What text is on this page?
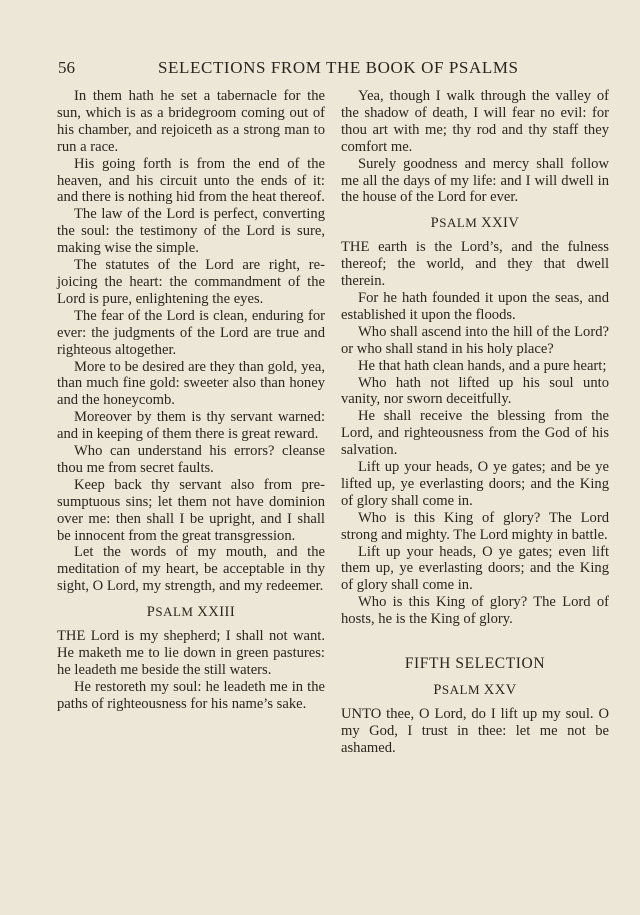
56	SELECTIONS FROM THE BOOK OF PSALMS

In them hath he set a tabernacle for the sun, which is as a bridegroom coming out of his chamber, and rejoiceth as a strong man to run a race.

His going forth is from the end of the heaven, and his circuit unto the ends of it: and there is nothing hid from the heat thereof.

The law of the Lord is perfect, converting the soul: the testimony of the Lord is sure, making wise the simple.

The statutes of the Lord are right, rejoicing the heart: the commandment of the Lord is pure, enlightening the eyes.

The fear of the Lord is clean, enduring for ever: the judgments of the Lord are true and righteous altogether.

More to be desired are they than gold, yea, than much fine gold: sweeter also than honey and the honeycomb.

Moreover by them is thy servant warned: and in keeping of them there is great reward.

Who can understand his errors? cleanse thou me from secret faults.

Keep back thy servant also from presumptuous sins; let them not have dominion over me: then shall I be upright, and I shall be innocent from the great transgression.

Let the words of my mouth, and the meditation of my heart, be acceptable in thy sight, O Lord, my strength, and my redeemer.

PSALM XXIII

THE Lord is my shepherd; I shall not want. He maketh me to lie down in green pastures: he leadeth me beside the still waters.

He restoreth my soul: he leadeth me in the paths of righteousness for his name’s sake.

Yea, though I walk through the valley of the shadow of death, I will fear no evil: for thou art with me; thy rod and thy staff they comfort me.

Surely goodness and mercy shall follow me all the days of my life: and I will dwell in the house of the Lord for ever.

PSALM XXIV

THE earth is the Lord’s, and the fulness thereof; the world, and they that dwell therein.

For he hath founded it upon the seas, and established it upon the floods.

Who shall ascend into the hill of the Lord? or who shall stand in his holy place?

He that hath clean hands, and a pure heart;

Who hath not lifted up his soul unto vanity, nor sworn deceitfully.

He shall receive the blessing from the Lord, and righteousness from the God of his salvation.

Lift up your heads, O ye gates; and be ye lifted up, ye everlasting doors; and the King of glory shall come in.

Who is this King of glory? The Lord strong and mighty. The Lord mighty in battle.

Lift up your heads, O ye gates; even lift them up, ye everlasting doors; and the King of glory shall come in.

Who is this King of glory? The Lord of hosts, he is the King of glory.

FIFTH SELECTION
PSALM XXV

UNTO thee, O Lord, do I lift up my soul. O my God, I trust in thee: let me not be ashamed.
